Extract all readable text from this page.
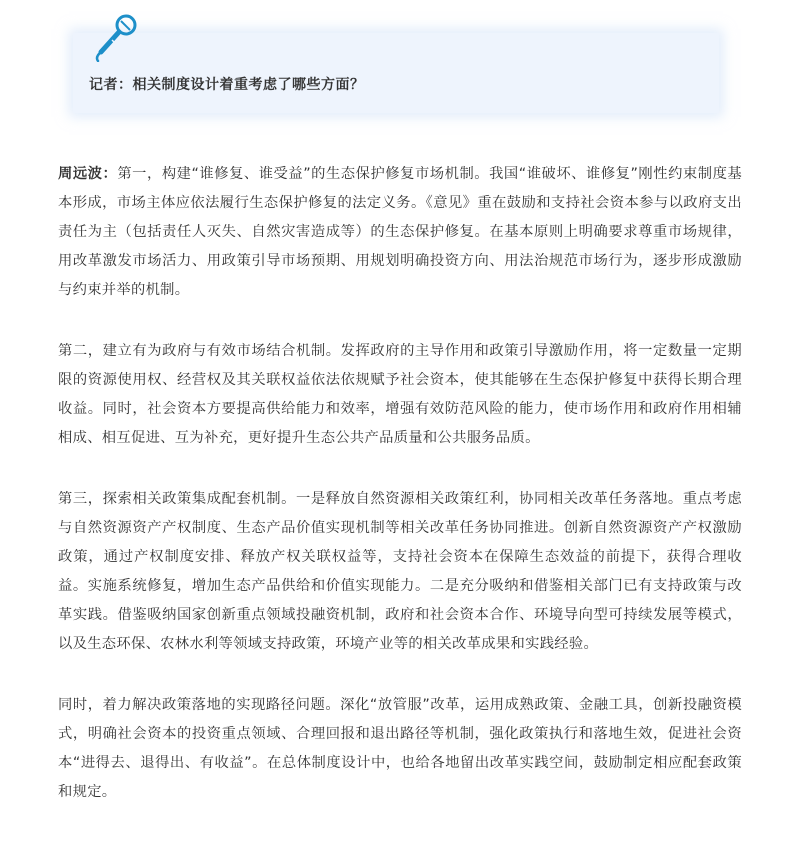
记者：相关制度设计着重考虑了哪些方面？

周远波：第一，构建“谁修复、谁受益”的生态保护修复市场机制。我国“谁破坏、谁修复”刚性约束制度基本形成，市场主体应依法履行生态保护修复的法定义务。《意见》重在鼓励和支持社会资本参与以政府支出责任为主（包括责任人灭失、自然灾害造成等）的生态保护修复。在基本原则上明确要求尊重市场规律，用改革激发市场活力、用政策引导市场预期、用规划明确投资方向、用法治规范市场行为，逐步形成激励与约束并举的机制。

第二，建立有为政府与有效市场结合机制。发挥政府的主导作用和政策引导激励作用，将一定数量一定期限的资源使用权、经营权及其关联权益依法依规赋予社会资本，使其能够在生态保护修复中获得长期合理收益。同时，社会资本方要提高供给能力和效率，增强有效防范风险的能力，使市场作用和政府作用相辅相成、相互促进、互为补充，更好提升生态公共产品质量和公共服务品质。

第三，探索相关政策集成配套机制。一是释放自然资源相关政策红利，协同相关改革任务落地。重点考虑与自然资源资产产权制度、生态产品价值实现机制等相关改革任务协同推进。创新自然资源资产产权激励政策，通过产权制度安排、释放产权关联权益等，支持社会资本在保障生态效益的前提下，获得合理收益。实施系统修复，增加生态产品供给和价值实现能力。二是充分吸纳和借鉴相关部门已有支持政策与改革实践。借鉴吸纳国家创新重点领域投融资机制，政府和社会资本合作、环境导向型可持续发展等模式，以及生态环保、农林水利等领域支持政策，环境产业等的相关改革成果和实践经验。

同时，着力解决政策落地的实现路径问题。深化“放管服”改革，运用成熟政策、金融工具，创新投融资模式，明确社会资本的投资重点领域、合理回报和退出路径等机制，强化政策执行和落地生效，促进社会资本“进得去、退得出、有收益”。在总体制度设计中，也给各地留出改革实践空间，鼓励制定相应配套政策和规定。
